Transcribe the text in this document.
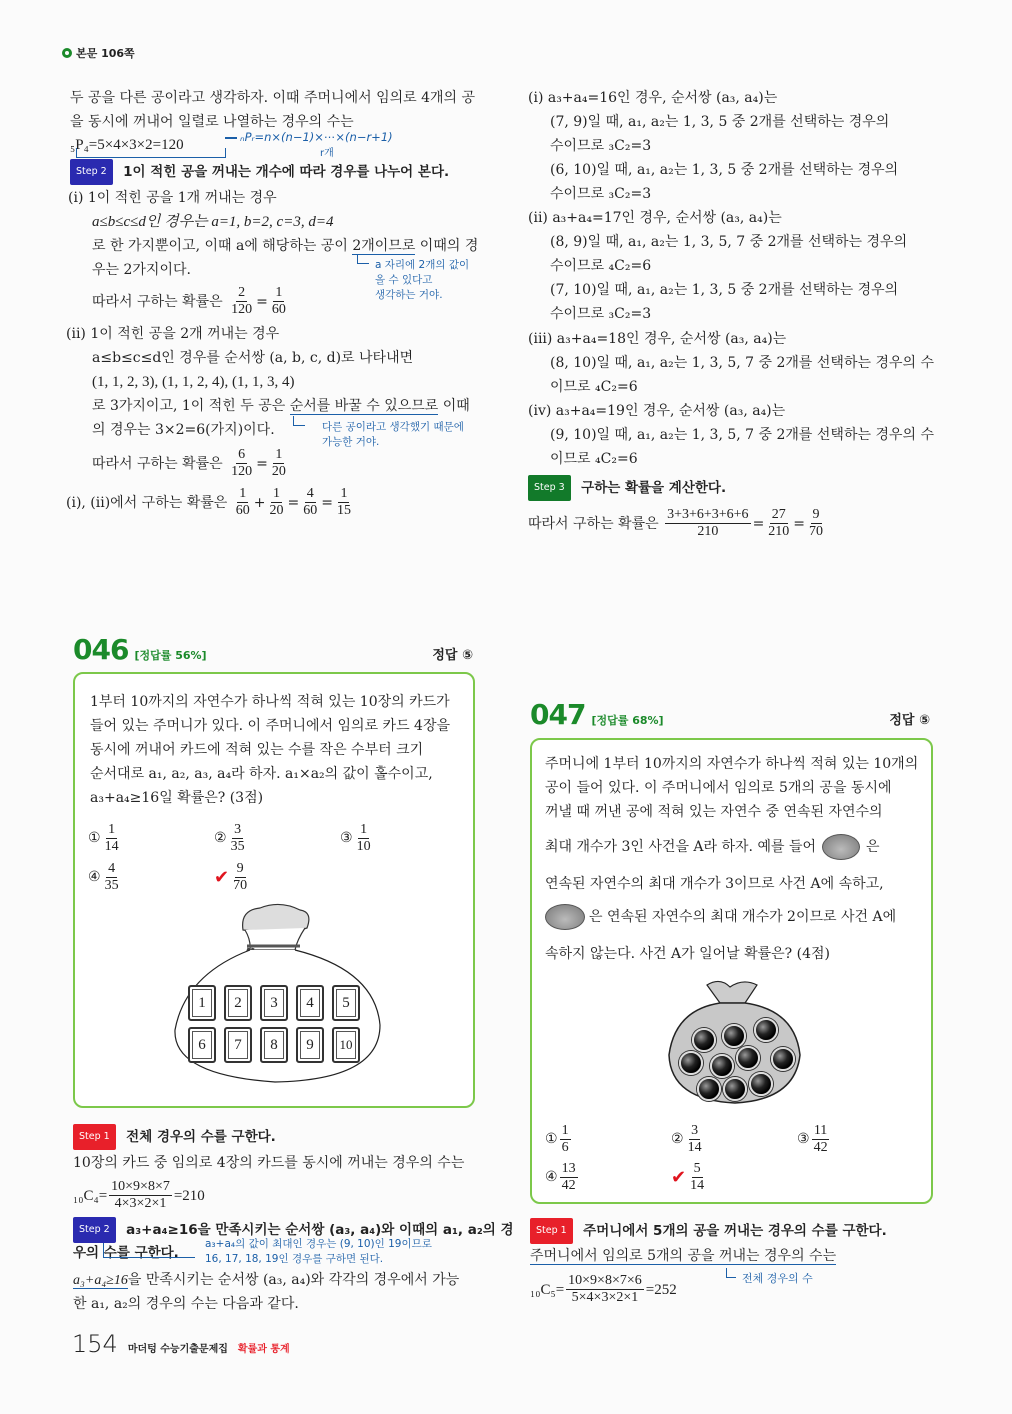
본문 106쪽
두 공을 다른 공이라고 생각하자. 이때 주머니에서 임의로 4개의 공
을 동시에 꺼내어 일렬로 나열하는 경우의 수는
₅P₄=5×4×3×2=120	ₙPᵣ=n×(n−1)×⋯×(n−r+1)
r개
Step 2 1이 적힌 공을 꺼내는 개수에 따라 경우를 나누어 본다.
(i) 1이 적힌 공을 1개 꺼내는 경우
a≤b≤c≤d인 경우는 a=1, b=2, c=3, d=4
로 한 가지뿐이고, 이때 a에 해당하는 공이 2개이므로 이때의 경
우는 2가지이다.	a 자리에 2개의 값이
올 수 있다고
생각하는 거야.
따라서 구하는 확률은
$\frac{2}{120} = \frac{1}{60}$
(ii) 1이 적힌 공을 2개 꺼내는 경우
a≤b≤c≤d인 경우를 순서쌍 (a, b, c, d)로 나타내면
(1, 1, 2, 3), (1, 1, 2, 4), (1, 1, 3, 4)
로 3가지이고, 1이 적힌 두 공은 순서를 바꿀 수 있으므로 이때
의 경우는 3×2=6(가지)이다.	다른 공이라고 생각했기 때문에
가능한 거야.
따라서 구하는 확률은
$\frac{6}{120} = \frac{1}{20}$
(i), (ii)에서 구하는 확률은
$\frac{1}{60} + \frac{1}{20} = \frac{4}{60} = \frac{1}{15}$
(i) a₃+a₄=16인 경우, 순서쌍 (a₃, a₄)는
(7, 9)일 때, a₁, a₂는 1, 3, 5 중 2개를 선택하는 경우의
수이므로 ₃C₂=3
(6, 10)일 때, a₁, a₂는 1, 3, 5 중 2개를 선택하는 경우의
수이므로 ₃C₂=3
(ii) a₃+a₄=17인 경우, 순서쌍 (a₃, a₄)는
(8, 9)일 때, a₁, a₂는 1, 3, 5, 7 중 2개를 선택하는 경우의
수이므로 ₄C₂=6
(7, 10)일 때, a₁, a₂는 1, 3, 5 중 2개를 선택하는 경우의
수이므로 ₃C₂=3
(iii) a₃+a₄=18인 경우, 순서쌍 (a₃, a₄)는
(8, 10)일 때, a₁, a₂는 1, 3, 5, 7 중 2개를 선택하는 경우의 수
이므로 ₄C₂=6
(iv) a₃+a₄=19인 경우, 순서쌍 (a₃, a₄)는
(9, 10)일 때, a₁, a₂는 1, 3, 5, 7 중 2개를 선택하는 경우의 수
이므로 ₄C₂=6
Step 3 구하는 확률을 계산한다.
따라서 구하는 확률은
$\frac{3+3+6+3+6+6}{210} = \frac{27}{210} = \frac{9}{70}$
046 [정답률 56%]	정답 ⑤
1부터 10까지의 자연수가 하나씩 적혀 있는 10장의 카드가
들어 있는 주머니가 있다. 이 주머니에서 임의로 카드 4장을
동시에 꺼내어 카드에 적혀 있는 수를 작은 수부터 크기
순서대로 a₁, a₂, a₃, a₄라 하자. a₁×a₂의 값이 홀수이고,
a₃+a₄≥16일 확률은? (3점)
① $\frac{1}{14}$	② $\frac{3}{35}$	③ $\frac{1}{10}$
④ $\frac{4}{35}$	✔ $\frac{9}{70}$
1	2	3	4	5
6	7	8	9	10
Step 1 전체 경우의 수를 구한다.
10장의 카드 중 임의로 4장의 카드를 동시에 꺼내는 경우의 수는
$_{10}C_4= \frac{10\times 9\times 8\times 7}{4\times 3\times 2\times 1} =210$
Step 2 a₃+a₄≥16을 만족시키는 순서쌍 (a₃, a₄)와 이때의 a₁, a₂의 경
우의 수를 구한다.
a₃+a₄의 값이 최대인 경우는 (9, 10)인 19이므로
16, 17, 18, 19인 경우를 구하면 된다.
a₃+a₄≥16을 만족시키는 순서쌍 (a₃, a₄)와 각각의 경우에서 가능
한 a₁, a₂의 경우의 수는 다음과 같다.
047 [정답률 68%]	정답 ⑤
주머니에 1부터 10까지의 자연수가 하나씩 적혀 있는 10개의
공이 들어 있다. 이 주머니에서 임의로 5개의 공을 동시에
꺼낼 때 꺼낸 공에 적혀 있는 자연수 중 연속된 자연수의
최대 개수가 3인 사건을 A라 하자. 예를 들어	은
연속된 자연수의 최대 개수가 3이므로 사건 A에 속하고,
은 연속된 자연수의 최대 개수가 2이므로 사건 A에
속하지 않는다. 사건 A가 일어날 확률은? (4점)
① $\frac{1}{6}$	② $\frac{3}{14}$	③ $\frac{11}{42}$
④ $\frac{13}{42}$	✔ $\frac{5}{14}$
Step 1 주머니에서 5개의 공을 꺼내는 경우의 수를 구한다.
주머니에서 임의로 5개의 공을 꺼내는 경우의 수는
전체 경우의 수
$_{10}C_5= \frac{10\times 9\times 8\times 7\times 6}{5\times 4\times 3\times 2\times 1} =252$
154 마더텅 수능기출문제집 확률과 통계
